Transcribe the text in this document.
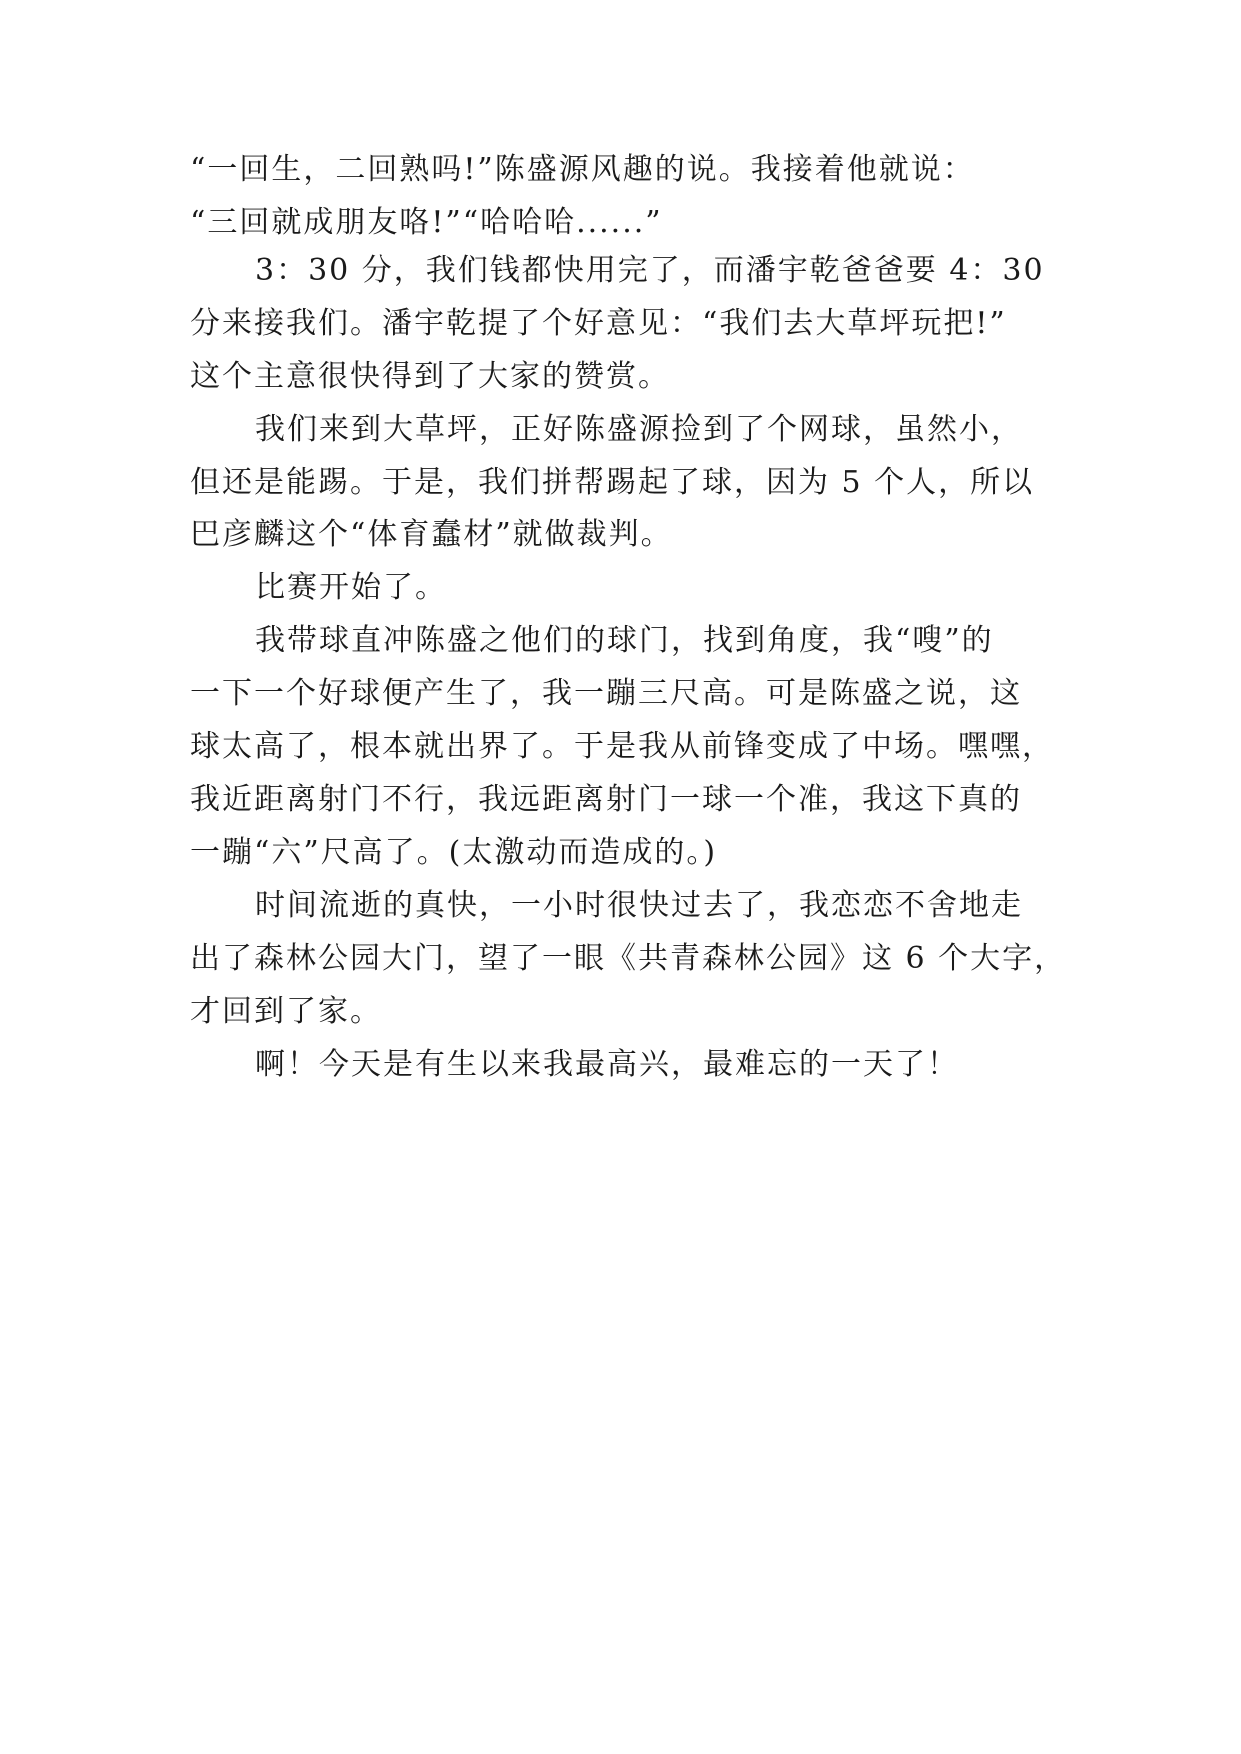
“一回生，二回熟吗!”陈盛源风趣的说。我接着他就说：
“三回就成朋友咯!”“哈哈哈......”
3：30 分，我们钱都快用完了，而潘宇乾爸爸要 4：30
分来接我们。潘宇乾提了个好意见：“我们去大草坪玩把!”
这个主意很快得到了大家的赞赏。
我们来到大草坪，正好陈盛源捡到了个网球，虽然小，
但还是能踢。于是，我们拼帮踢起了球，因为 5 个人，所以
巴彦麟这个“体育蠢材”就做裁判。
比赛开始了。
我带球直冲陈盛之他们的球门，找到角度，我“嗖”的
一下一个好球便产生了，我一蹦三尺高。可是陈盛之说，这
球太高了，根本就出界了。于是我从前锋变成了中场。嘿嘿，
我近距离射门不行，我远距离射门一球一个准，我这下真的
一蹦“六”尺高了。(太激动而造成的。)
时间流逝的真快，一小时很快过去了，我恋恋不舍地走
出了森林公园大门，望了一眼《共青森林公园》这 6 个大字，
才回到了家。
啊！今天是有生以来我最高兴，最难忘的一天了！
